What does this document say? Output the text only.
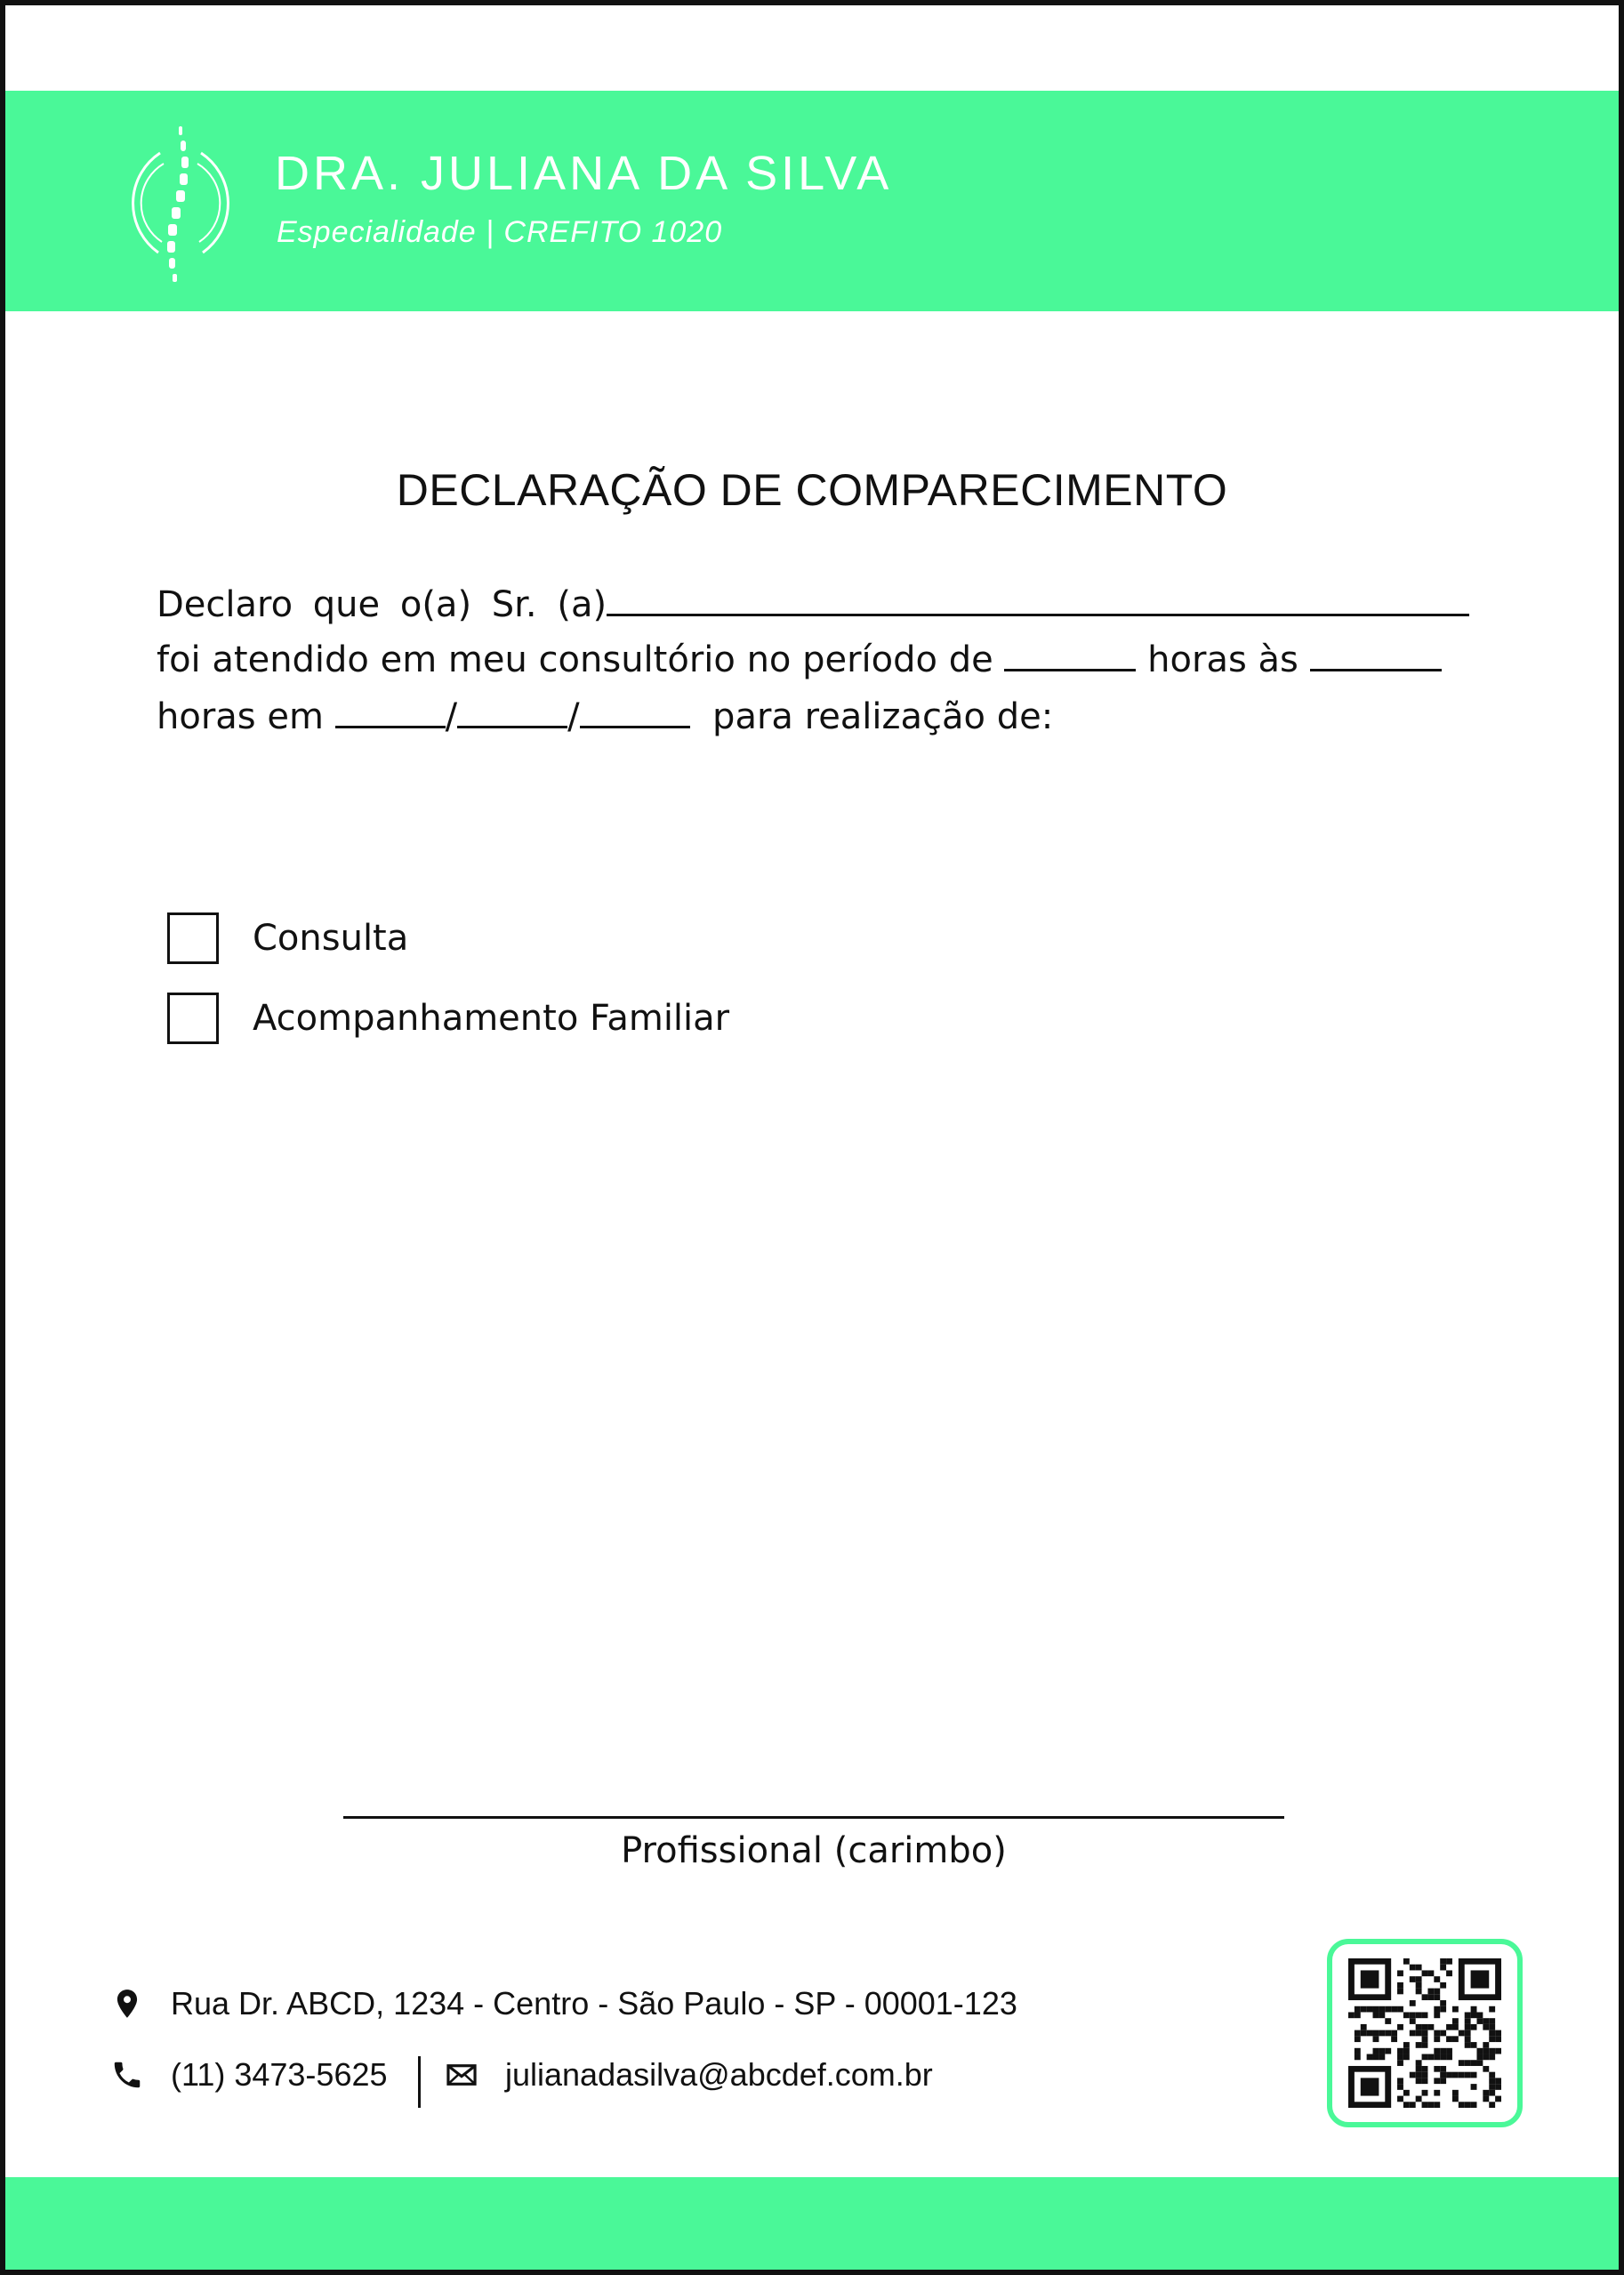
DRA. JULIANA DA SILVA
Especialidade | CREFITO 1020
DECLARAÇÃO DE COMPARECIMENTO
Declaro que o(a) Sr. (a)
foi atendido em meu consultório no período de	horas às
horas em	/	/	para realização de:
Consulta
Acompanhamento Familiar
Profissional (carimbo)
Rua Dr. ABCD, 1234 - Centro - São Paulo - SP - 00001-123
(11) 3473-5625	julianadasilva@abcdef.com.br
